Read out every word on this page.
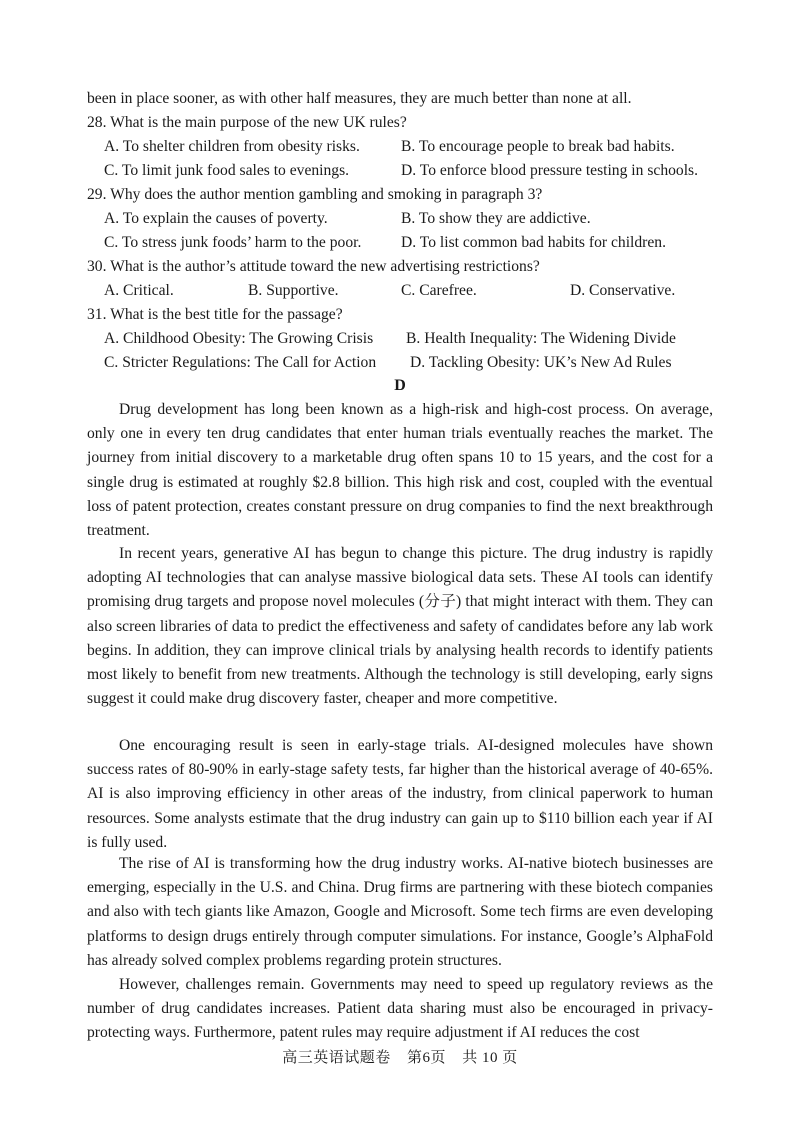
been in place sooner, as with other half measures, they are much better than none at all.
28. What is the main purpose of the new UK rules?
A. To shelter children from obesity risks.	B. To encourage people to break bad habits.
C. To limit junk food sales to evenings.	D. To enforce blood pressure testing in schools.
29. Why does the author mention gambling and smoking in paragraph 3?
A. To explain the causes of poverty.	B. To show they are addictive.
C. To stress junk foods’ harm to the poor.	D. To list common bad habits for children.
30. What is the author’s attitude toward the new advertising restrictions?
A. Critical.	B. Supportive.	C. Carefree.	D. Conservative.
31. What is the best title for the passage?
A. Childhood Obesity: The Growing Crisis B. Health Inequality: The Widening Divide
C. Stricter Regulations: The Call for Action D. Tackling Obesity: UK’s New Ad Rules
D

Drug development has long been known as a high-risk and high-cost process. On average, only one in every ten drug candidates that enter human trials eventually reaches the market. The journey from initial discovery to a marketable drug often spans 10 to 15 years, and the cost for a single drug is estimated at roughly $2.8 billion. This high risk and cost, coupled with the eventual loss of patent protection, creates constant pressure on drug companies to find the next breakthrough treatment.

In recent years, generative AI has begun to change this picture. The drug industry is rapidly adopting AI technologies that can analyse massive biological data sets. These AI tools can identify promising drug targets and propose novel molecules (分子) that might interact with them. They can also screen libraries of data to predict the effectiveness and safety of candidates before any lab work begins. In addition, they can improve clinical trials by analysing health records to identify patients most likely to benefit from new treatments. Although the technology is still developing, early signs suggest it could make drug discovery faster, cheaper and more competitive.

One encouraging result is seen in early-stage trials. AI-designed molecules have shown success rates of 80-90% in early-stage safety tests, far higher than the historical average of 40-65%. AI is also improving efficiency in other areas of the industry, from clinical paperwork to human resources. Some analysts estimate that the drug industry can gain up to $110 billion each year if AI is fully used.

The rise of AI is transforming how the drug industry works. AI-native biotech businesses are emerging, especially in the U.S. and China. Drug firms are partnering with these biotech companies and also with tech giants like Amazon, Google and Microsoft. Some tech firms are even developing platforms to design drugs entirely through computer simulations. For instance, Google’s AlphaFold has already solved complex problems regarding protein structures.

However, challenges remain. Governments may need to speed up regulatory reviews as the number of drug candidates increases. Patient data sharing must also be encouraged in privacy-protecting ways. Furthermore, patent rules may require adjustment if AI reduces the cost

高三英语试题卷 第6页 共 10 页
